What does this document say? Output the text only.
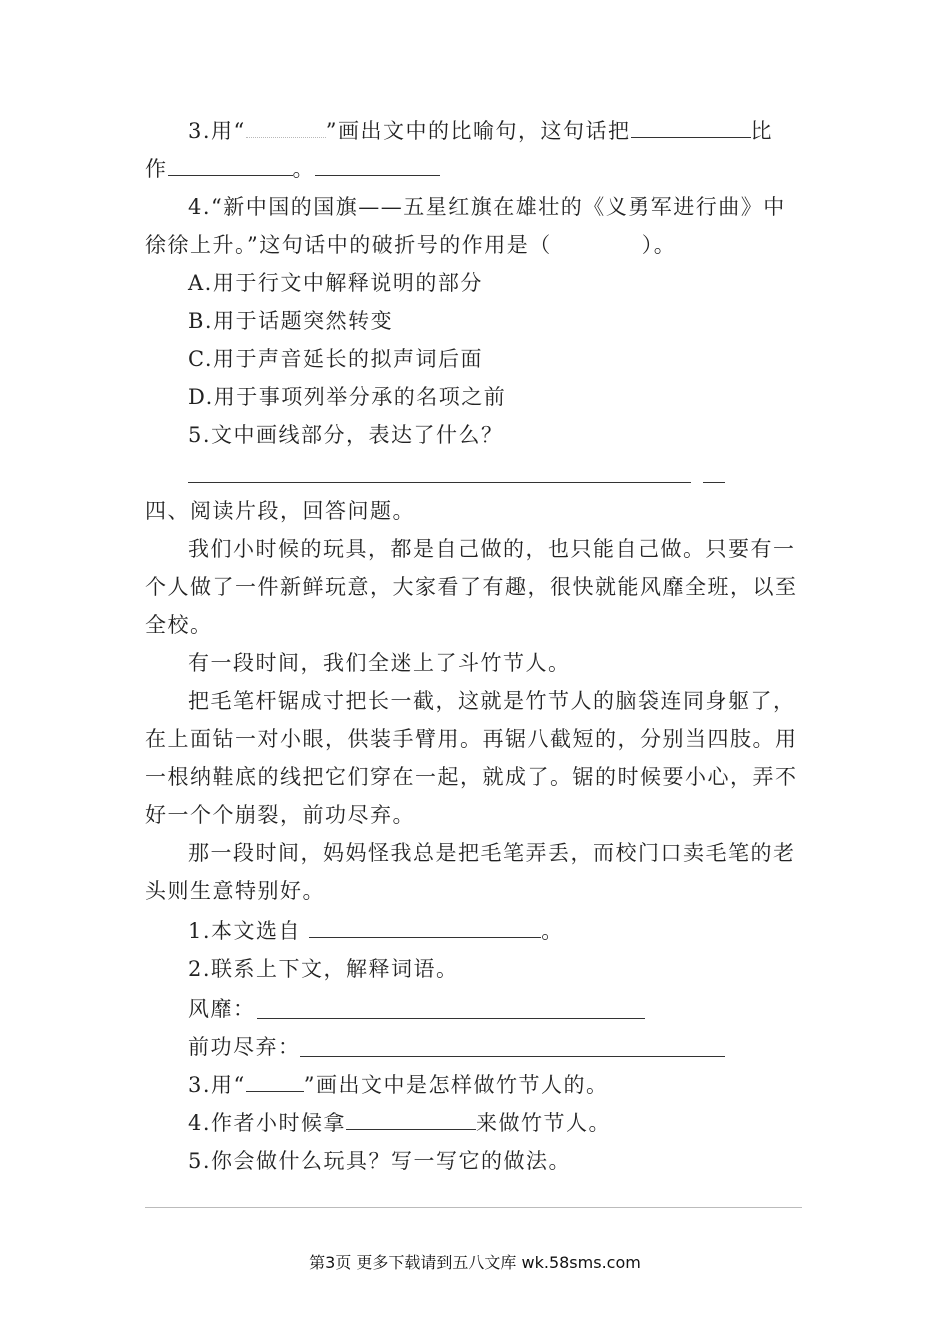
3.用“	”画出文中的比喻句，这句话把	比
作	。
4.“新中国的国旗——五星红旗在雄壮的《义勇军进行曲》中
徐徐上升。”这句话中的破折号的作用是（　　　　）。
A.用于行文中解释说明的部分
B.用于话题突然转变
C.用于声音延长的拟声词后面
D.用于事项列举分承的名项之前
5.文中画线部分，表达了什么？
四、阅读片段，回答问题。
我们小时候的玩具，都是自己做的，也只能自己做。只要有一
个人做了一件新鲜玩意，大家看了有趣，很快就能风靡全班，以至
全校。
有一段时间，我们全迷上了斗竹节人。
把毛笔杆锯成寸把长一截，这就是竹节人的脑袋连同身躯了，
在上面钻一对小眼，供装手臂用。再锯八截短的，分别当四肢。用
一根纳鞋底的线把它们穿在一起，就成了。锯的时候要小心，弄不
好一个个崩裂，前功尽弃。
那一段时间，妈妈怪我总是把毛笔弄丢，而校门口卖毛笔的老
头则生意特别好。
1.本文选自	。
2.联系上下文，解释词语。
风靡：
前功尽弃：
3.用“	”画出文中是怎样做竹节人的。
4.作者小时候拿	来做竹节人。
5.你会做什么玩具？写一写它的做法。
第3页 更多下载请到五八文库 wk.58sms.com
